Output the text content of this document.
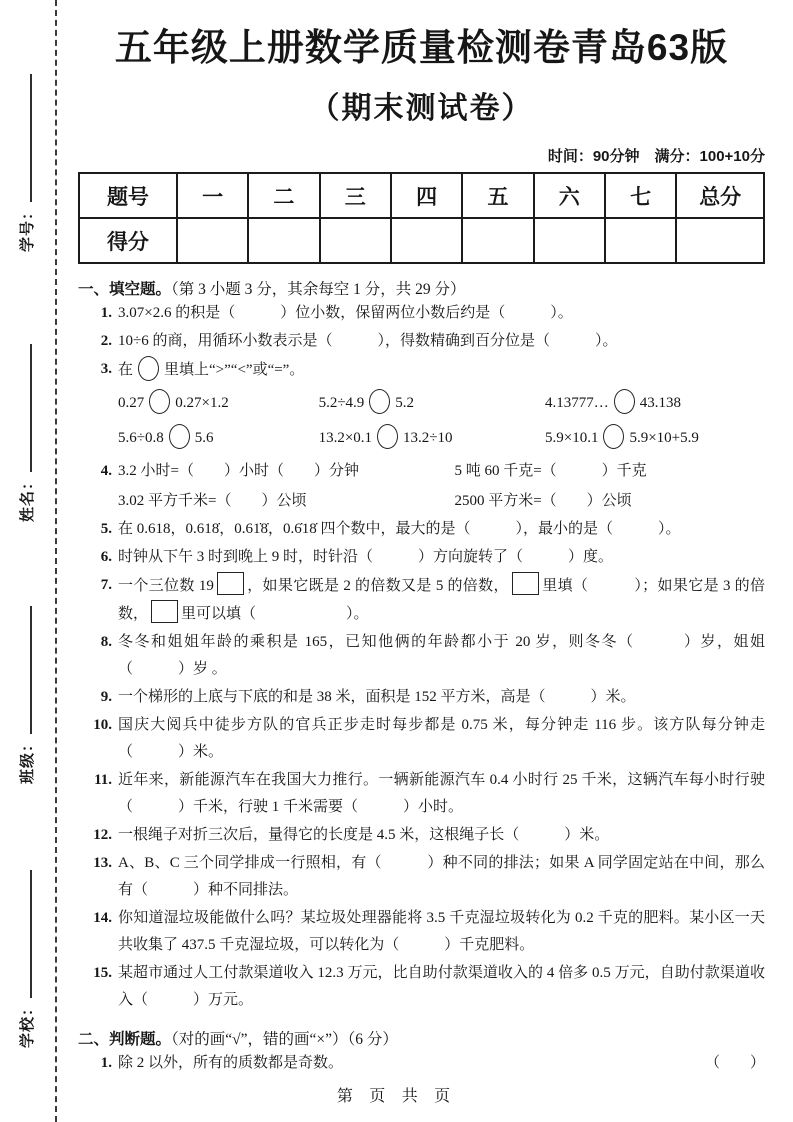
学号：
姓名：
班级：
学校：
五年级上册数学质量检测卷青岛63版
（期末测试卷）
时间：90分钟　满分：100+10分
题号	一	二	三	四	五	六	七	总分
得分								
一、填空题。（第 3 小题 3 分，其余每空 1 分，共 29 分）
1. 3.07×2.6 的积是（　　　）位小数，保留两位小数后约是（　　　）。
2. 10÷6 的商，用循环小数表示是（　　　），得数精确到百分位是（　　　）。
3. 在 里填上“>”“<”或“=”。
0.27 0.27×1.2	5.2÷4.9 5.2	4.13777… 43.138
5.6÷0.8 5.6	13.2×0.1 13.2÷10	5.9×10.1 5.9×10+5.9
4. 3.2 小时=（　　）小时（　　）分钟	5 吨 60 千克=（　　　）千克
3.02 平方千米=（　　）公顷	2500 平方米=（　　）公顷
5. 在 0.618，0.618̇，0.61̇8̇，0.6̇18̇ 四个数中，最大的是（　　　），最小的是（　　　）。
6. 时钟从下午 3 时到晚上 9 时，时针沿（　　　）方向旋转了（　　　）度。
7. 一个三位数 19 ，如果它既是 2 的倍数又是 5 的倍数， 里填（　　　）；如果它是 3 的倍数， 里可以填（　　　　　　）。
8. 冬冬和姐姐年龄的乘积是 165，已知他俩的年龄都小于 20 岁，则冬冬（　　　）岁，姐姐（　　　）岁 。
9. 一个梯形的上底与下底的和是 38 米，面积是 152 平方米，高是（　　　）米。
10. 国庆大阅兵中徒步方队的官兵正步走时每步都是 0.75 米，每分钟走 116 步。该方队每分钟走（　　　）米。
11. 近年来，新能源汽车在我国大力推行。一辆新能源汽车 0.4 小时行 25 千米，这辆汽车每小时行驶（　　　）千米，行驶 1 千米需要（　　　）小时。
12. 一根绳子对折三次后，量得它的长度是 4.5 米，这根绳子长（　　　）米。
13. A、B、C 三个同学排成一行照相，有（　　　）种不同的排法；如果 A 同学固定站在中间，那么有（　　　）种不同排法。
14. 你知道湿垃圾能做什么吗？某垃圾处理器能将 3.5 千克湿垃圾转化为 0.2 千克的肥料。某小区一天共收集了 437.5 千克湿垃圾，可以转化为（　　　）千克肥料。
15. 某超市通过人工付款渠道收入 12.3 万元，比自助付款渠道收入的 4 倍多 0.5 万元，自助付款渠道收入（　　　）万元。
二、判断题。（对的画“√”，错的画“×”）（6 分）
1. 除 2 以外，所有的质数都是奇数。	（　　）
第 页 共 页
